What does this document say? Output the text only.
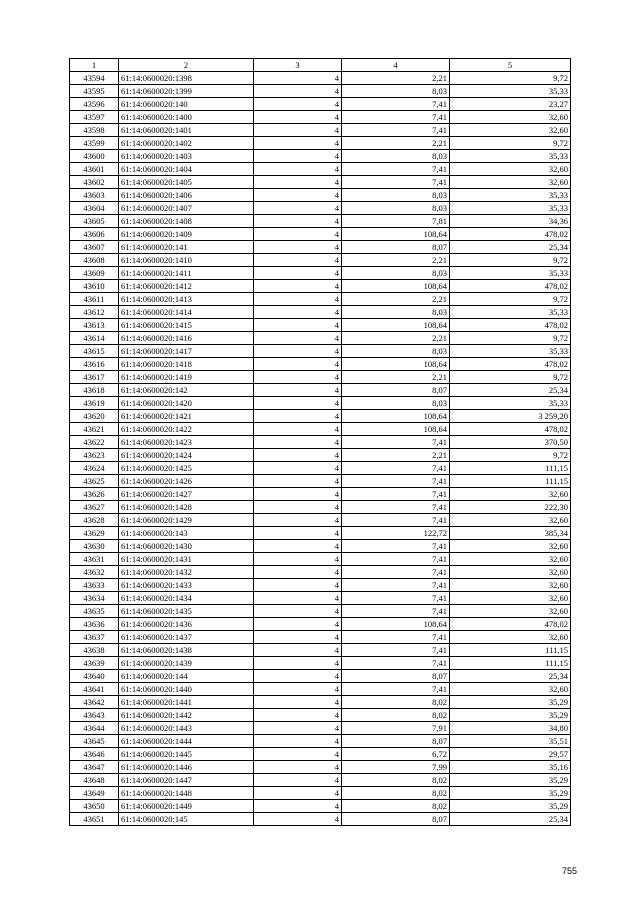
1	2	3	4	5
43594	61:14:0600020:1398	4	2,21	9,72
43595	61:14:0600020:1399	4	8,03	35,33
43596	61:14:0600020:140	4	7,41	23,27
43597	61:14:0600020:1400	4	7,41	32,60
43598	61:14:0600020:1401	4	7,41	32,60
43599	61:14:0600020:1402	4	2,21	9,72
43600	61:14:0600020:1403	4	8,03	35,33
43601	61:14:0600020:1404	4	7,41	32,60
43602	61:14:0600020:1405	4	7,41	32,60
43603	61:14:0600020:1406	4	8,03	35,33
43604	61:14:0600020:1407	4	8,03	35,33
43605	61:14:0600020:1408	4	7,81	34,36
43606	61:14:0600020:1409	4	108,64	478,02
43607	61:14:0600020:141	4	8,07	25,34
43608	61:14:0600020:1410	4	2,21	9,72
43609	61:14:0600020:1411	4	8,03	35,33
43610	61:14:0600020:1412	4	108,64	478,02
43611	61:14:0600020:1413	4	2,21	9,72
43612	61:14:0600020:1414	4	8,03	35,33
43613	61:14:0600020:1415	4	108,64	478,02
43614	61:14:0600020:1416	4	2,21	9,72
43615	61:14:0600020:1417	4	8,03	35,33
43616	61:14:0600020:1418	4	108,64	478,02
43617	61:14:0600020:1419	4	2,21	9,72
43618	61:14:0600020:142	4	8,07	25,34
43619	61:14:0600020:1420	4	8,03	35,33
43620	61:14:0600020:1421	4	108,64	3 259,20
43621	61:14:0600020:1422	4	108,64	478,02
43622	61:14:0600020:1423	4	7,41	370,50
43623	61:14:0600020:1424	4	2,21	9,72
43624	61:14:0600020:1425	4	7,41	111,15
43625	61:14:0600020:1426	4	7,41	111,15
43626	61:14:0600020:1427	4	7,41	32,60
43627	61:14:0600020:1428	4	7,41	222,30
43628	61:14:0600020:1429	4	7,41	32,60
43629	61:14:0600020:143	4	122,72	385,34
43630	61:14:0600020:1430	4	7,41	32,60
43631	61:14:0600020:1431	4	7,41	32,60
43632	61:14:0600020:1432	4	7,41	32,60
43633	61:14:0600020:1433	4	7,41	32,60
43634	61:14:0600020:1434	4	7,41	32,60
43635	61:14:0600020:1435	4	7,41	32,60
43636	61:14:0600020:1436	4	108,64	478,02
43637	61:14:0600020:1437	4	7,41	32,60
43638	61:14:0600020:1438	4	7,41	111,15
43639	61:14:0600020:1439	4	7,41	111,15
43640	61:14:0600020:144	4	8,07	25,34
43641	61:14:0600020:1440	4	7,41	32,60
43642	61:14:0600020:1441	4	8,02	35,29
43643	61:14:0600020:1442	4	8,02	35,29
43644	61:14:0600020:1443	4	7,91	34,80
43645	61:14:0600020:1444	4	8,07	35,51
43646	61:14:0600020:1445	4	6,72	29,57
43647	61:14:0600020:1446	4	7,99	35,16
43648	61:14:0600020:1447	4	8,02	35,29
43649	61:14:0600020:1448	4	8,02	35,29
43650	61:14:0600020:1449	4	8,02	35,29
43651	61:14:0600020:145	4	8,07	25,34
755
